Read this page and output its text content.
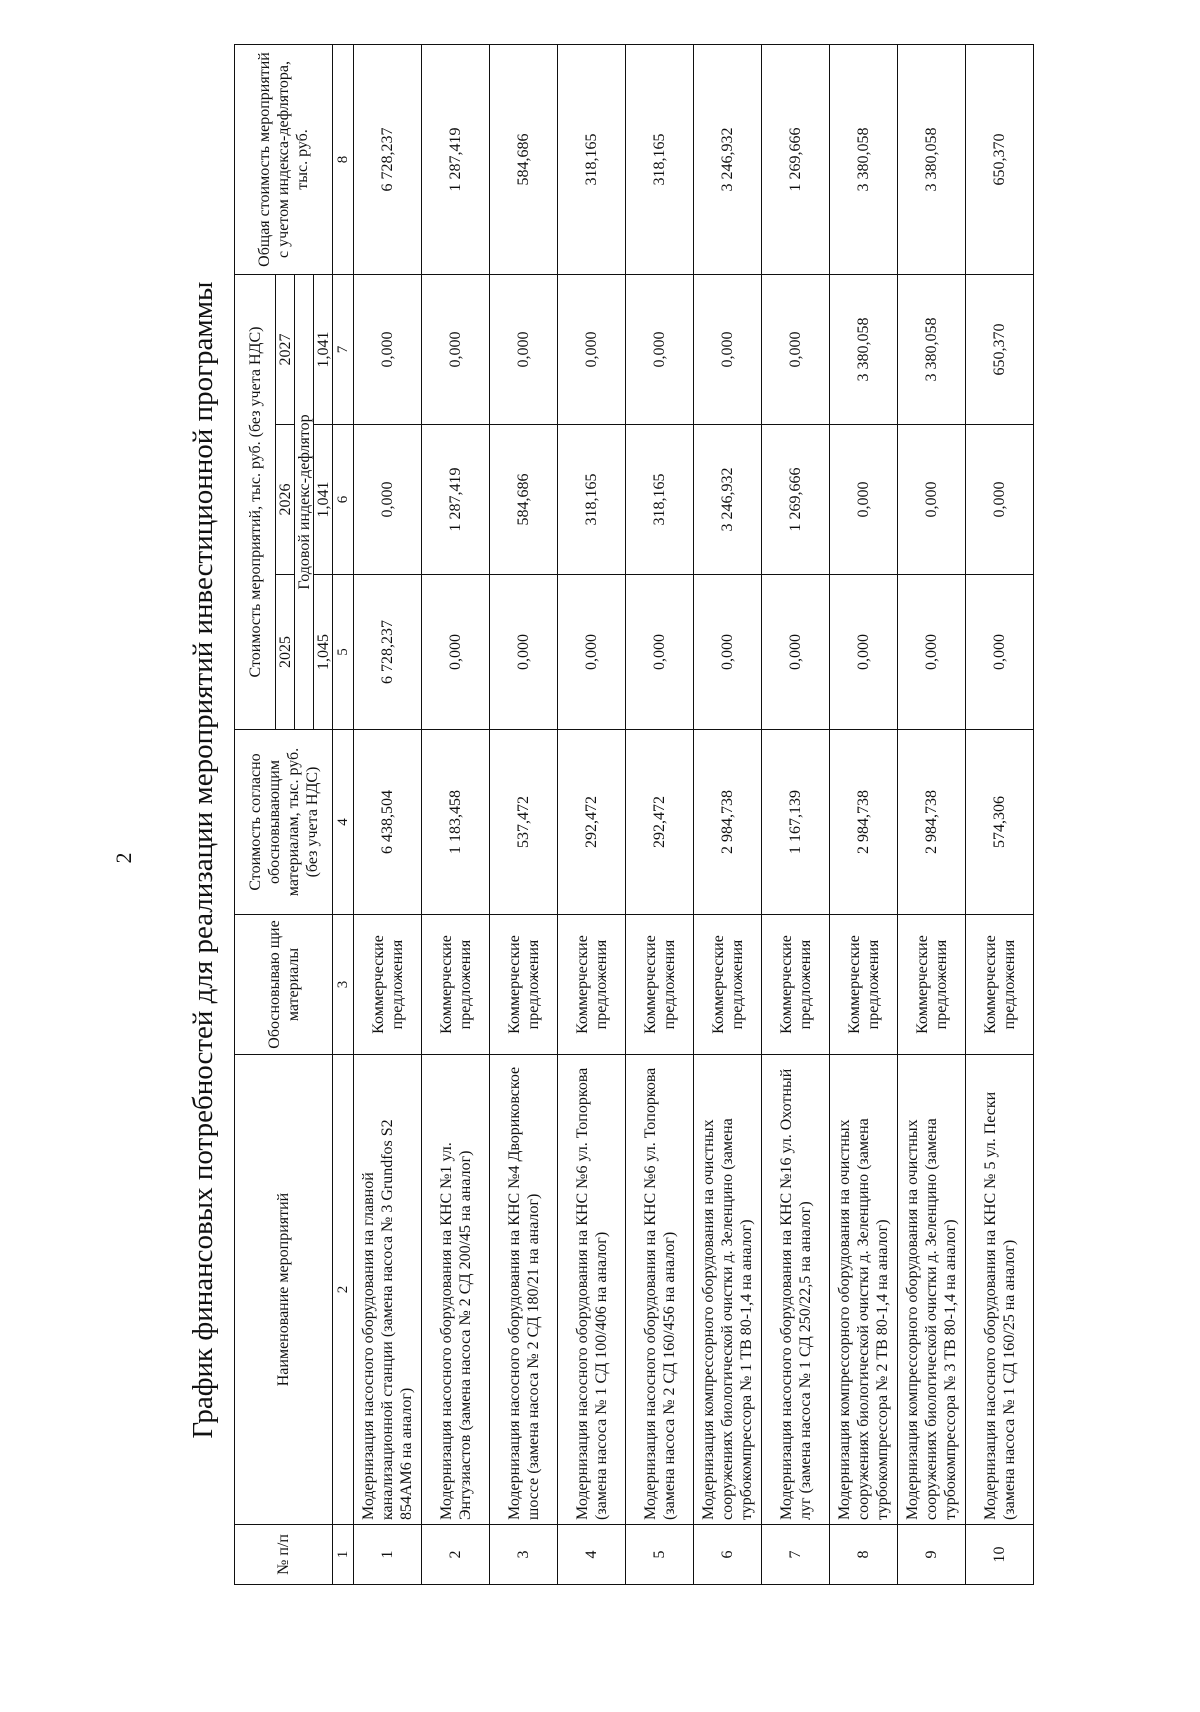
2 График финансовых потребностей для реализации мероприятий инвестиционной программы
№ п/п	Наименование мероприятий	Обосновываю щие материалы	Стоимость согласно обосновывающим материалам, тыс. руб. (без учета НДС)	Стоимость мероприятий, тыс. руб. (без учета НДС)			Общая стоимость мероприятий с учетом индекса-дефлятора, тыс. руб.
				2025	2026	2027	
				Годовой индекс-дефлятор			
				1,045	1,041	1,041	
1	2	3	4	5	6	7	8
1	Модернизация насосного оборудования на главной канализационной станции (замена насоса № 3 Grundfos S2 854AM6 на аналог)	Коммерческие предложения	6 438,504	6 728,237	0,000	0,000	6 728,237
2	Модернизация насосного оборудования на КНС №1 ул. Энтузиастов (замена насоса № 2 СД 200/45 на аналог)	Коммерческие предложения	1 183,458	0,000	1 287,419	0,000	1 287,419
3	Модернизация насосного оборудования на КНС №4 Двориковское шоссе (замена насоса № 2 СД 180/21 на аналог)	Коммерческие предложения	537,472	0,000	584,686	0,000	584,686
4	Модернизация насосного оборудования на КНС №6 ул. Топоркова (замена насоса № 1 СД 100/406 на аналог)	Коммерческие предложения	292,472	0,000	318,165	0,000	318,165
5	Модернизация насосного оборудования на КНС №6 ул. Топоркова (замена насоса № 2 СД 160/456 на аналог)	Коммерческие предложения	292,472	0,000	318,165	0,000	318,165
6	Модернизация компрессорного оборудования на очистных сооружениях биологической очистки д. Зеленцино (замена турбокомпрессора № 1 ТВ 80-1,4 на аналог)	Коммерческие предложения	2 984,738	0,000	3 246,932	0,000	3 246,932
7	Модернизация насосного оборудования на КНС №16 ул. Охотный луг (замена насоса № 1 СД 250/22,5 на аналог)	Коммерческие предложения	1 167,139	0,000	1 269,666	0,000	1 269,666
8	Модернизация компрессорного оборудования на очистных сооружениях биологической очистки д. Зеленцино (замена турбокомпрессора № 2 ТВ 80-1,4 на аналог)	Коммерческие предложения	2 984,738	0,000	0,000	3 380,058	3 380,058
9	Модернизация компрессорного оборудования на очистных сооружениях биологической очистки д. Зеленцино (замена турбокомпрессора № 3 ТВ 80-1,4 на аналог)	Коммерческие предложения	2 984,738	0,000	0,000	3 380,058	3 380,058
10	Модернизация насосного оборудования на КНС № 5 ул. Пески (замена насоса № 1 СД 160/25 на аналог)	Коммерческие предложения	574,306	0,000	0,000	650,370	650,370
